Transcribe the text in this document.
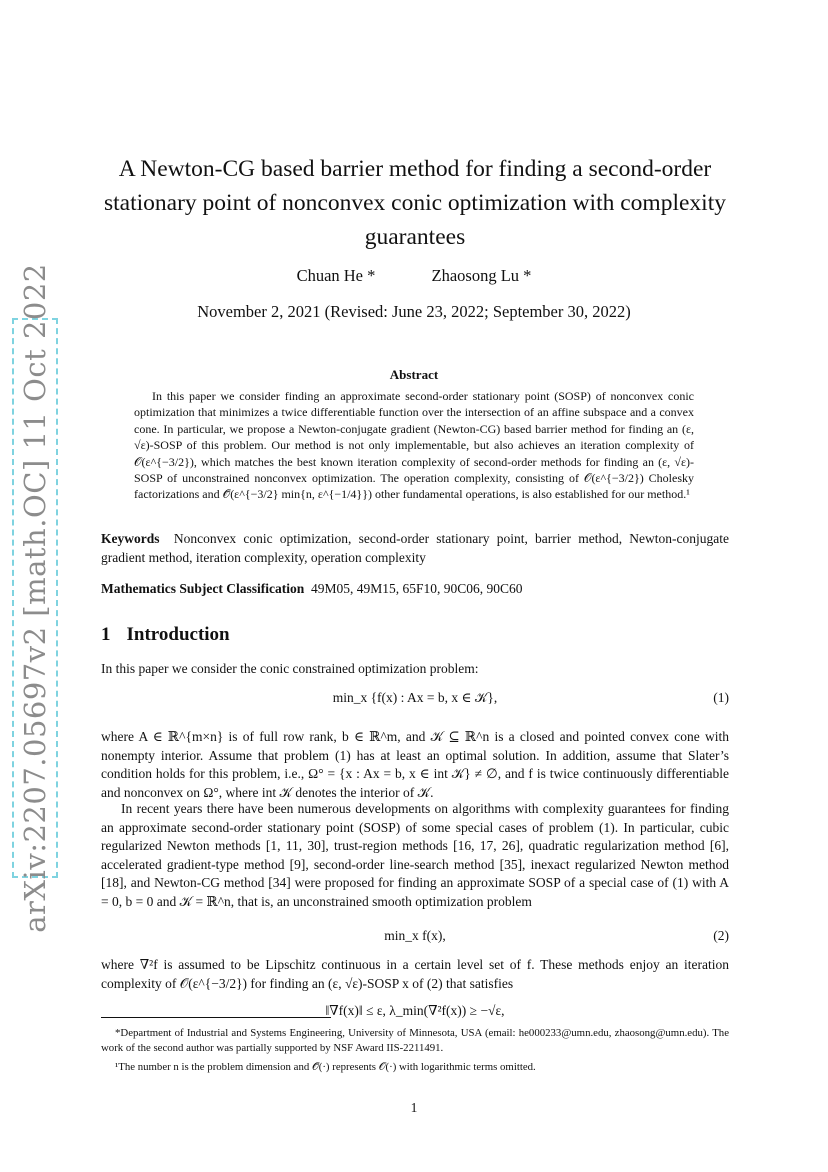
arXiv:2207.05697v2 [math.OC] 11 Oct 2022
A Newton-CG based barrier method for finding a second-order stationary point of nonconvex conic optimization with complexity guarantees
Chuan He *	Zhaosong Lu *
November 2, 2021 (Revised: June 23, 2022; September 30, 2022)
Abstract

In this paper we consider finding an approximate second-order stationary point (SOSP) of nonconvex conic optimization that minimizes a twice differentiable function over the intersection of an affine subspace and a convex cone. In particular, we propose a Newton-conjugate gradient (Newton-CG) based barrier method for finding an (ε, √ε)-SOSP of this problem. Our method is not only implementable, but also achieves an iteration complexity of 𝒪(ε^{−3/2}), which matches the best known iteration complexity of second-order methods for finding an (ε, √ε)-SOSP of unconstrained nonconvex optimization. The operation complexity, consisting of 𝒪(ε^{−3/2}) Cholesky factorizations and 𝒪̃(ε^{−3/2} min{n, ε^{−1/4}}) other fundamental operations, is also established for our method.¹

Keywords Nonconvex conic optimization, second-order stationary point, barrier method, Newton-conjugate gradient method, iteration complexity, operation complexity

Mathematics Subject Classification 49M05, 49M15, 65F10, 90C06, 90C60

1 Introduction

In this paper we consider the conic constrained optimization problem:

min_x {f(x) : Ax = b, x ∈ 𝒦},	(1)

where A ∈ ℝ^{m×n} is of full row rank, b ∈ ℝ^m, and 𝒦 ⊆ ℝ^n is a closed and pointed convex cone with nonempty interior. Assume that problem (1) has at least an optimal solution. In addition, assume that Slater’s condition holds for this problem, i.e., Ω° = {x : Ax = b, x ∈ int 𝒦} ≠ ∅, and f is twice continuously differentiable and nonconvex on Ω°, where int 𝒦 denotes the interior of 𝒦.

In recent years there have been numerous developments on algorithms with complexity guarantees for finding an approximate second-order stationary point (SOSP) of some special cases of problem (1). In particular, cubic regularized Newton methods [1, 11, 30], trust-region methods [16, 17, 26], quadratic regularization method [6], accelerated gradient-type method [9], second-order line-search method [35], inexact regularized Newton method [18], and Newton-CG method [34] were proposed for finding an approximate SOSP of a special case of (1) with A = 0, b = 0 and 𝒦 = ℝ^n, that is, an unconstrained smooth optimization problem

min_x f(x),	(2)

where ∇²f is assumed to be Lipschitz continuous in a certain level set of f. These methods enjoy an iteration complexity of 𝒪(ε^{−3/2}) for finding an (ε, √ε)-SOSP x of (2) that satisfies

‖∇f(x)‖ ≤ ε, λ_min(∇²f(x)) ≥ −√ε,

*Department of Industrial and Systems Engineering, University of Minnesota, USA (email: he000233@umn.edu, zhaosong@umn.edu). The work of the second author was partially supported by NSF Award IIS-2211491.

¹The number n is the problem dimension and 𝒪̃(·) represents 𝒪(·) with logarithmic terms omitted.

1
